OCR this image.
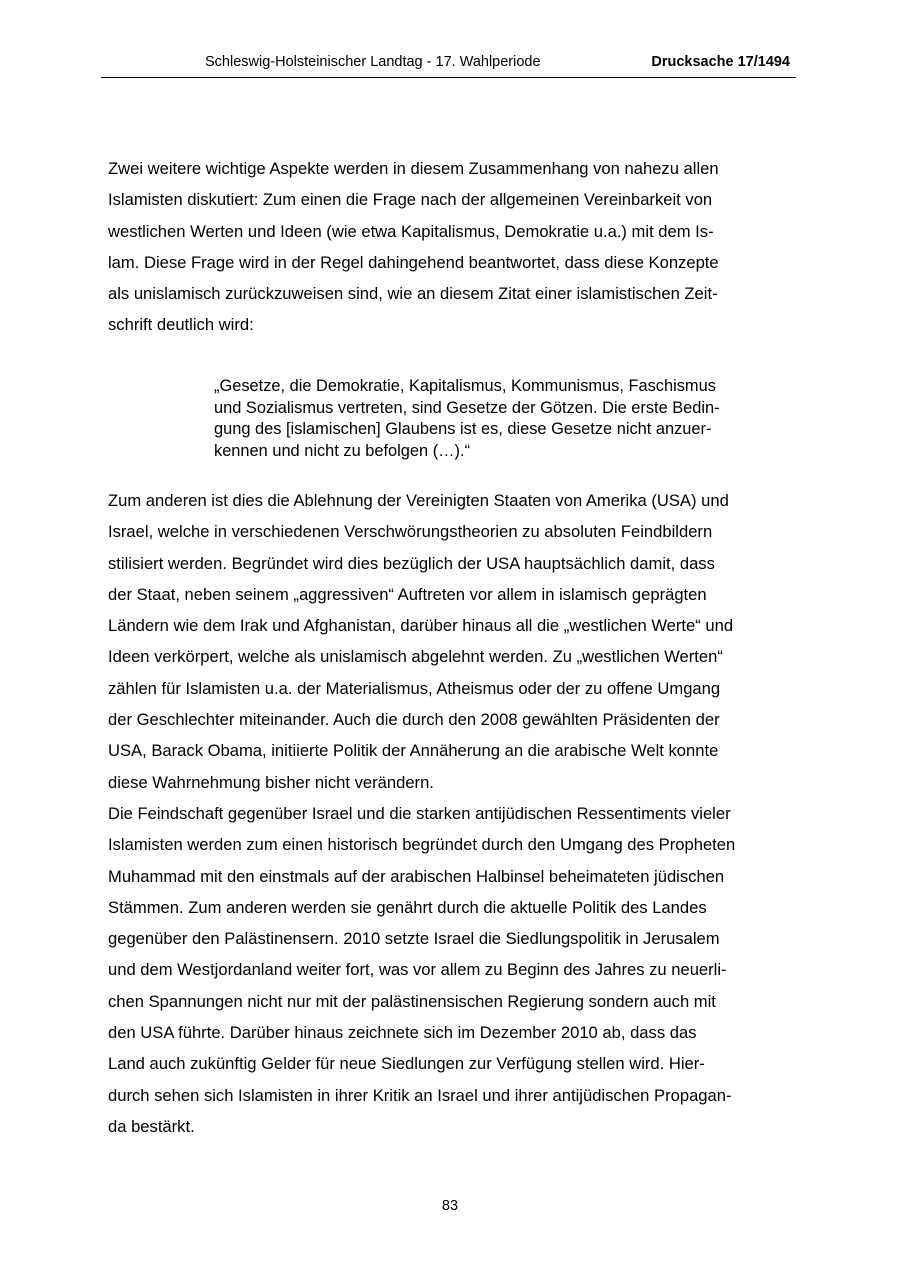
Schleswig-Holsteinischer Landtag - 17. Wahlperiode	Drucksache 17/1494

Zwei weitere wichtige Aspekte werden in diesem Zusammenhang von nahezu allen
Islamisten diskutiert: Zum einen die Frage nach der allgemeinen Vereinbarkeit von
westlichen Werten und Ideen (wie etwa Kapitalismus, Demokratie u.a.) mit dem Is-
lam. Diese Frage wird in der Regel dahingehend beantwortet, dass diese Konzepte
als unislamisch zurückzuweisen sind, wie an diesem Zitat einer islamistischen Zeit-
schrift deutlich wird:

„Gesetze, die Demokratie, Kapitalismus, Kommunismus, Faschismus
und Sozialismus vertreten, sind Gesetze der Götzen. Die erste Bedin-
gung des [islamischen] Glaubens ist es, diese Gesetze nicht anzuer-
kennen und nicht zu befolgen (…).“

Zum anderen ist dies die Ablehnung der Vereinigten Staaten von Amerika (USA) und
Israel, welche in verschiedenen Verschwörungstheorien zu absoluten Feindbildern
stilisiert werden. Begründet wird dies bezüglich der USA hauptsächlich damit, dass
der Staat, neben seinem „aggressiven“ Auftreten vor allem in islamisch geprägten
Ländern wie dem Irak und Afghanistan, darüber hinaus all die „westlichen Werte“ und
Ideen verkörpert, welche als unislamisch abgelehnt werden. Zu „westlichen Werten“
zählen für Islamisten u.a. der Materialismus, Atheismus oder der zu offene Umgang
der Geschlechter miteinander. Auch die durch den 2008 gewählten Präsidenten der
USA, Barack Obama, initiierte Politik der Annäherung an die arabische Welt konnte
diese Wahrnehmung bisher nicht verändern.

Die Feindschaft gegenüber Israel und die starken antijüdischen Ressentiments vieler
Islamisten werden zum einen historisch begründet durch den Umgang des Propheten
Muhammad mit den einstmals auf der arabischen Halbinsel beheimateten jüdischen
Stämmen. Zum anderen werden sie genährt durch die aktuelle Politik des Landes
gegenüber den Palästinensern. 2010 setzte Israel die Siedlungspolitik in Jerusalem
und dem Westjordanland weiter fort, was vor allem zu Beginn des Jahres zu neuerli-
chen Spannungen nicht nur mit der palästinensischen Regierung sondern auch mit
den USA führte. Darüber hinaus zeichnete sich im Dezember 2010 ab, dass das
Land auch zukünftig Gelder für neue Siedlungen zur Verfügung stellen wird. Hier-
durch sehen sich Islamisten in ihrer Kritik an Israel und ihrer antijüdischen Propagan-
da bestärkt.

83
